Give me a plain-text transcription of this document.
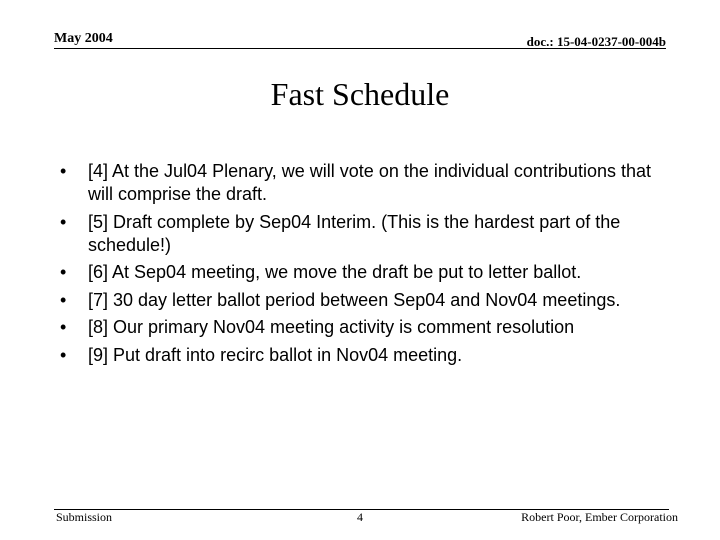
May 2004	doc.: 15-04-0237-00-004b
Fast Schedule
• [4] At the Jul04 Plenary, we will vote on the individual contributions that will comprise the draft.
• [5] Draft complete by Sep04 Interim. (This is the hardest part of the schedule!)
• [6] At Sep04 meeting, we move the draft be put to letter ballot.
• [7] 30 day letter ballot period between Sep04 and Nov04 meetings.
• [8] Our primary Nov04 meeting activity is comment resolution
• [9] Put draft into recirc ballot in Nov04 meeting.
Submission	4	Robert Poor, Ember Corporation
